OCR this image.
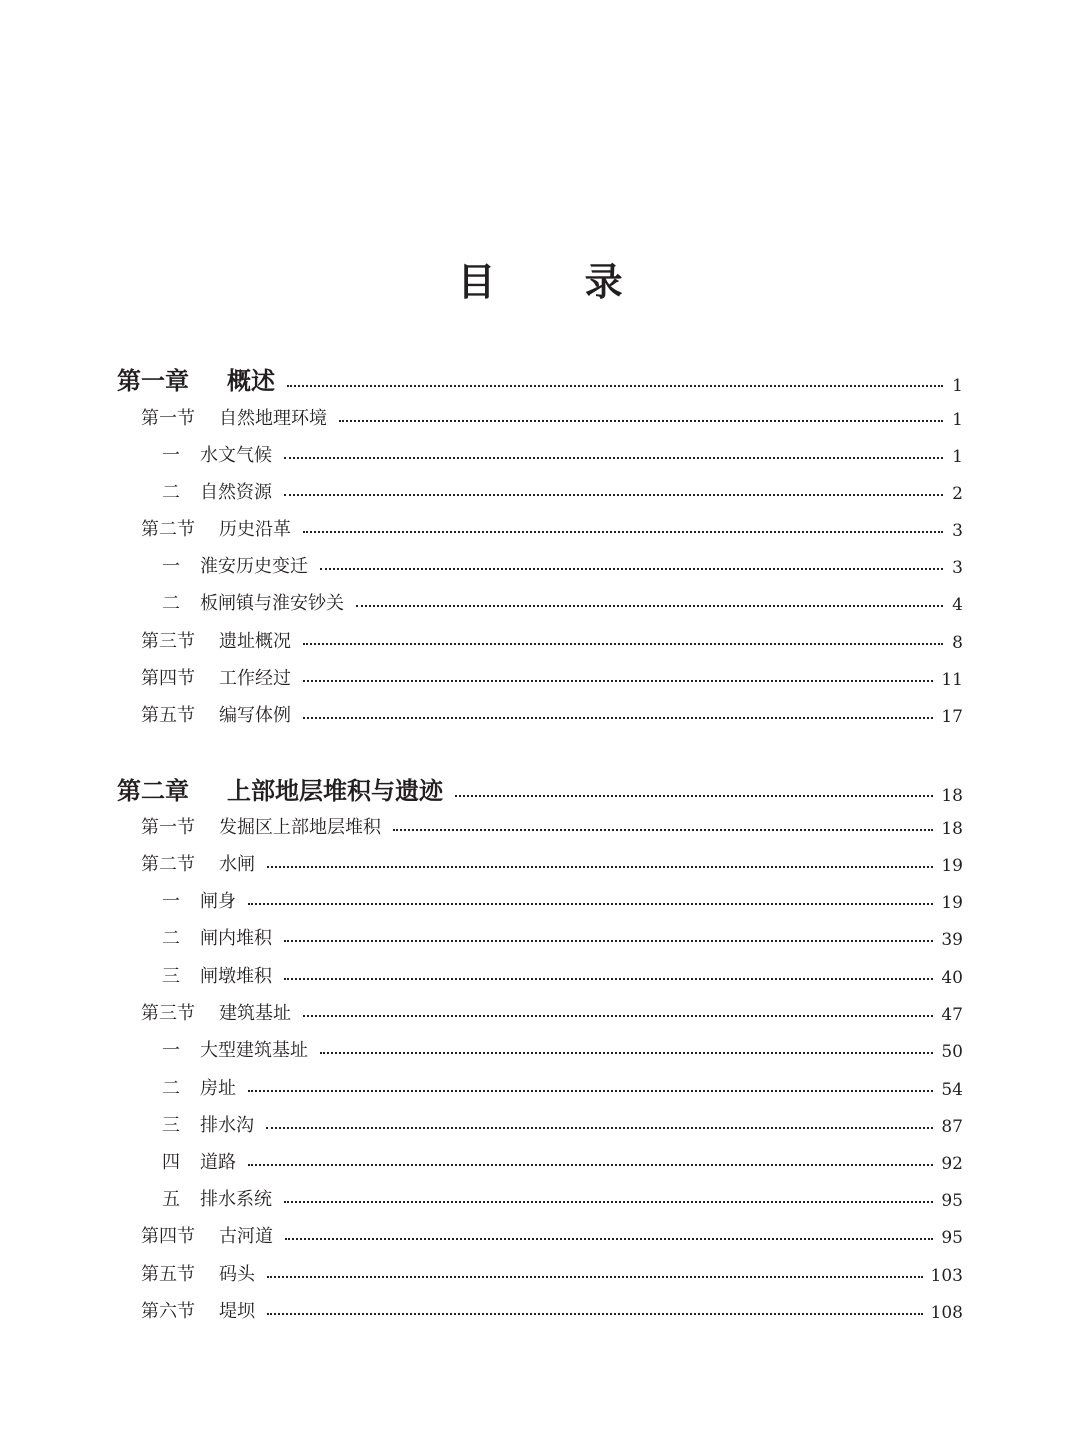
目 录
第一章	概述	1
第一节	自然地理环境	1
一	水文气候	1
二	自然资源	2
第二节	历史沿革	3
一	淮安历史变迁	3
二	板闸镇与淮安钞关	4
第三节	遗址概况	8
第四节	工作经过	11
第五节	编写体例	17
第二章	上部地层堆积与遗迹	18
第一节	发掘区上部地层堆积	18
第二节	水闸	19
一	闸身	19
二	闸内堆积	39
三	闸墩堆积	40
第三节	建筑基址	47
一	大型建筑基址	50
二	房址	54
三	排水沟	87
四	道路	92
五	排水系统	95
第四节	古河道	95
第五节	码头	103
第六节	堤坝	108
